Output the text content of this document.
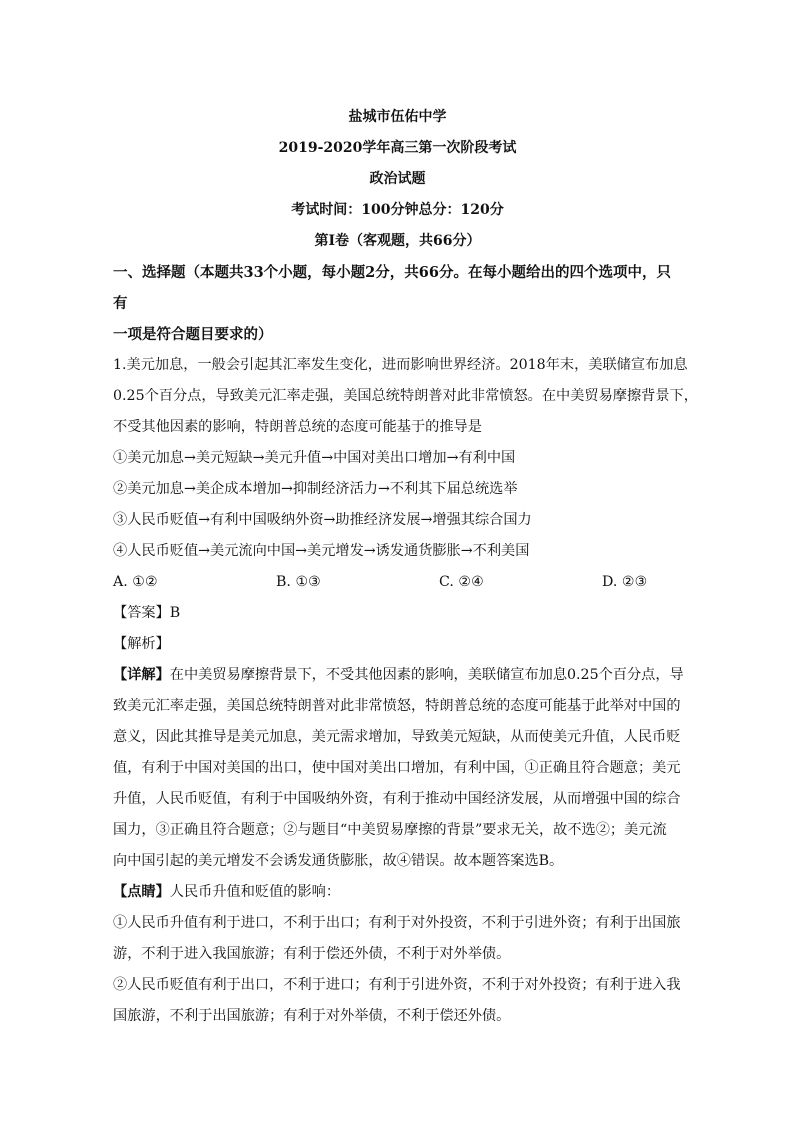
盐城市伍佑中学
2019-2020学年高三第一次阶段考试
政治试题
考试时间：100分钟总分：120分
第Ⅰ卷（客观题，共66分）
一、选择题（本题共33个小题，每小题2分，共66分。在每小题给出的四个选项中，只有
一项是符合题目要求的）
1.美元加息，一般会引起其汇率发生变化，进而影响世界经济。2018年末，美联储宣布加息
0.25个百分点，导致美元汇率走强，美国总统特朗普对此非常愤怒。在中美贸易摩擦背景下，
不受其他因素的影响，特朗普总统的态度可能基于的推导是
①美元加息→美元短缺→美元升值→中国对美出口增加→有利中国
②美元加息→美企成本增加→抑制经济活力→不利其下届总统选举
③人民币贬值→有利中国吸纳外资→助推经济发展→增强其综合国力
④人民币贬值→美元流向中国→美元增发→诱发通货膨胀→不利美国
A. ①②	B. ①③	C. ②④	D. ②③
【答案】B
【解析】
【详解】在中美贸易摩擦背景下，不受其他因素的影响，美联储宣布加息0.25个百分点，导
致美元汇率走强，美国总统特朗普对此非常愤怒，特朗普总统的态度可能基于此举对中国的
意义，因此其推导是美元加息，美元需求增加，导致美元短缺，从而使美元升值，人民币贬
值，有利于中国对美国的出口，使中国对美出口增加，有利中国，①正确且符合题意；美元
升值，人民币贬值，有利于中国吸纳外资，有利于推动中国经济发展，从而增强中国的综合
国力，③正确且符合题意；②与题目“中美贸易摩擦的背景”要求无关，故不选②；美元流
向中国引起的美元增发不会诱发通货膨胀，故④错误。故本题答案选B。
【点睛】人民币升值和贬值的影响：
①人民币升值有利于进口，不利于出口；有利于对外投资，不利于引进外资；有利于出国旅
游，不利于进入我国旅游；有利于偿还外债，不利于对外举债。
②人民币贬值有利于出口，不利于进口；有利于引进外资，不利于对外投资；有利于进入我
国旅游，不利于出国旅游；有利于对外举债，不利于偿还外债。
